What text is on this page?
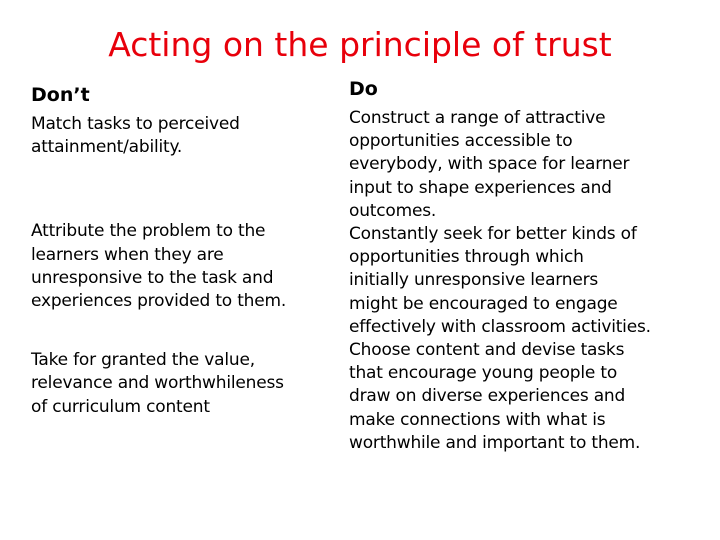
Acting on the principle of trust
Don’t
Match tasks to perceived
attainment/ability.
Attribute the problem to the
learners when they are
unresponsive to the task and
experiences provided to them.
Take for granted the value,
relevance and worthwhileness
of curriculum content
Do
Construct a range of attractive
opportunities accessible to
everybody, with space for learner
input to shape experiences and
outcomes.
Constantly seek for better kinds of
opportunities through which
initially unresponsive learners
might be encouraged to engage
effectively with classroom activities.
Choose content and devise tasks
that encourage young people to
draw on diverse experiences and
make connections with what is
worthwhile and important to them.
